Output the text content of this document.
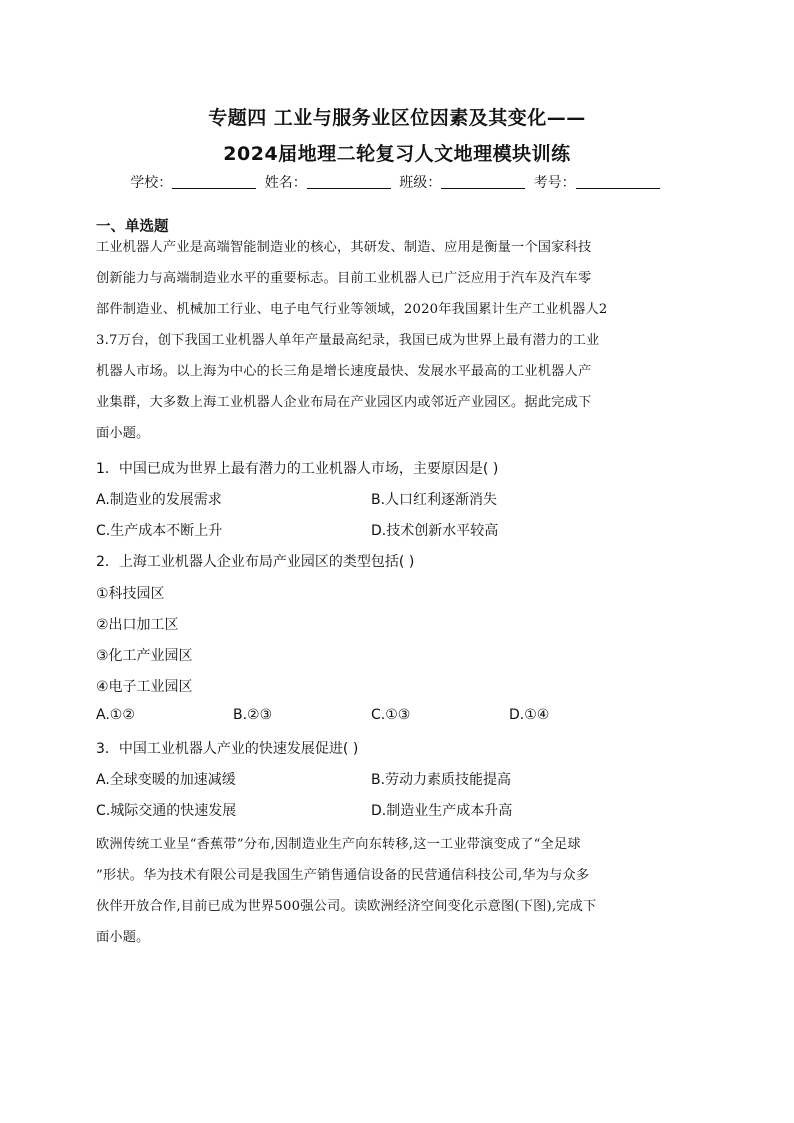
专题四 工业与服务业区位因素及其变化——
2024届地理二轮复习人文地理模块训练
学校：	姓名：	班级：	考号：
一、单选题
工业机器人产业是高端智能制造业的核心，其研发、制造、应用是衡量一个国家科技
创新能力与高端制造业水平的重要标志。目前工业机器人已广泛应用于汽车及汽车零
部件制造业、机械加工行业、电子电气行业等领域，2020年我国累计生产工业机器人2
3.7万台，创下我国工业机器人单年产量最高纪录，我国已成为世界上最有潜力的工业
机器人市场。以上海为中心的长三角是增长速度最快、发展水平最高的工业机器人产
业集群，大多数上海工业机器人企业布局在产业园区内或邻近产业园区。据此完成下
面小题。
1．中国已成为世界上最有潜力的工业机器人市场，主要原因是( )
A.制造业的发展需求	B.人口红利逐渐消失
C.生产成本不断上升	D.技术创新水平较高
2．上海工业机器人企业布局产业园区的类型包括( )
①科技园区
②出口加工区
③化工产业园区
④电子工业园区
A.①②	B.②③	C.①③	D.①④
3．中国工业机器人产业的快速发展促进( )
A.全球变暖的加速减缓	B.劳动力素质技能提高
C.城际交通的快速发展	D.制造业生产成本升高
欧洲传统工业呈“香蕉带”分布,因制造业生产向东转移,这一工业带演变成了“全足球
”形状。华为技术有限公司是我国生产销售通信设备的民营通信科技公司,华为与众多
伙伴开放合作,目前已成为世界500强公司。读欧洲经济空间变化示意图(下图),完成下
面小题。
